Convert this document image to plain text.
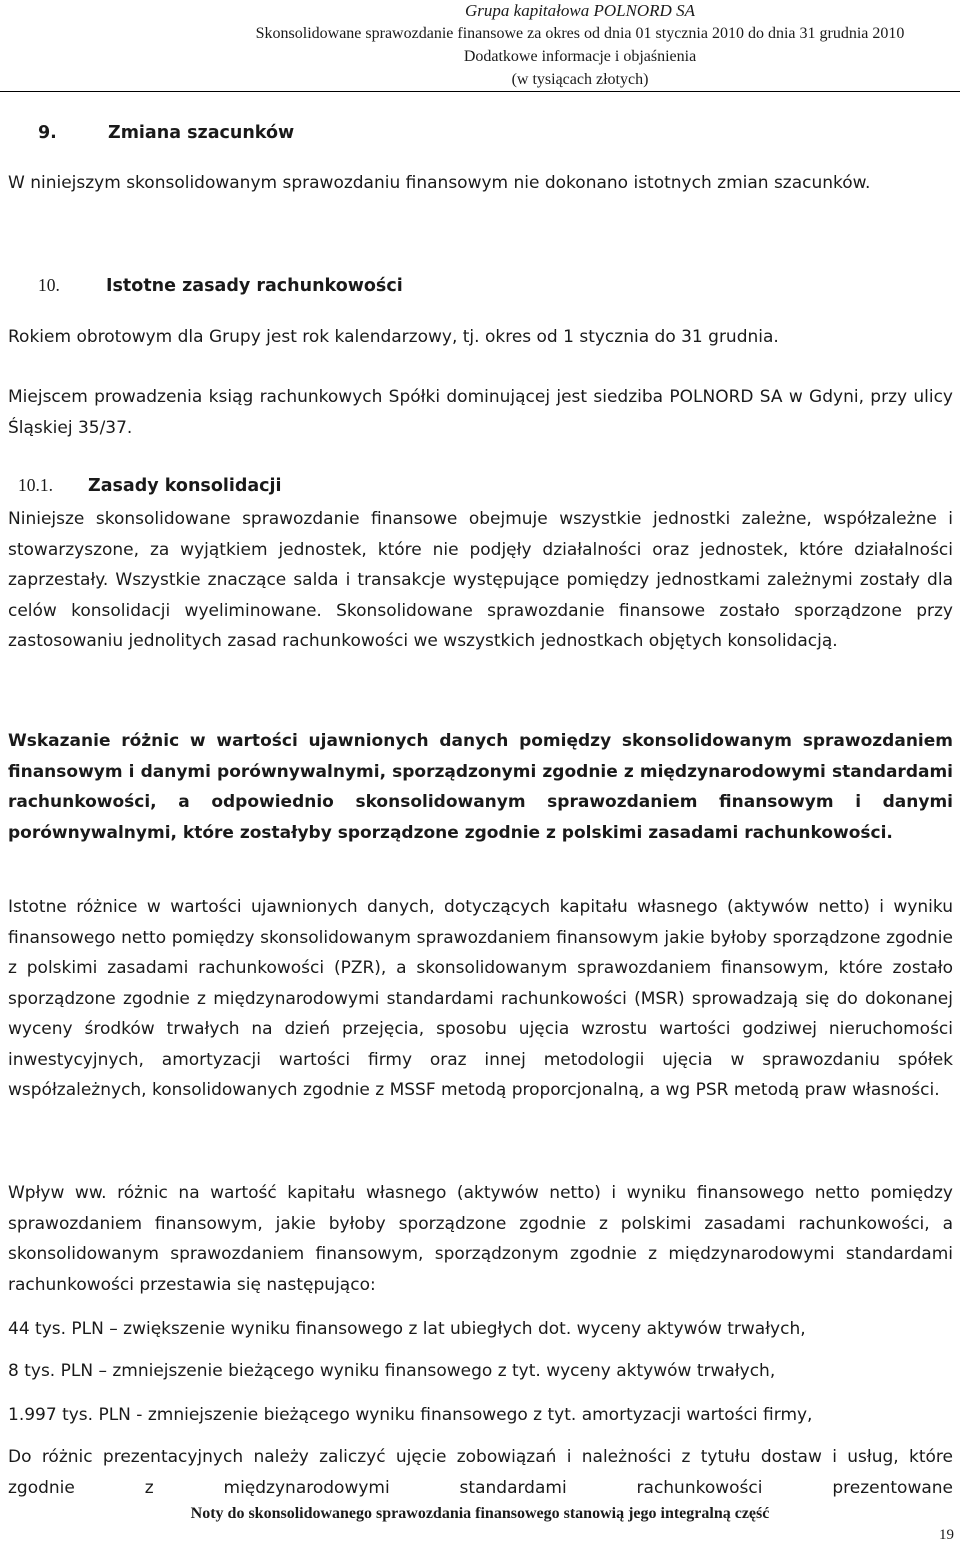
Grupa kapitałowa POLNORD SA
Skonsolidowane sprawozdanie finansowe za okres od dnia 01 stycznia 2010 do dnia 31 grudnia 2010
Dodatkowe informacje i objaśnienia
(w tysiącach złotych)
9.	Zmiana szacunków

W niniejszym skonsolidowanym sprawozdaniu finansowym nie dokonano istotnych zmian szacunków.

10.	Istotne zasady rachunkowości

Rokiem obrotowym dla Grupy jest rok kalendarzowy, tj. okres od 1 stycznia do 31 grudnia.

Miejscem prowadzenia ksiąg rachunkowych Spółki dominującej jest siedziba POLNORD SA w Gdyni, przy ulicy Śląskiej 35/37.

10.1. Zasady konsolidacji

Niniejsze skonsolidowane sprawozdanie finansowe obejmuje wszystkie jednostki zależne, współzależne i stowarzyszone, za wyjątkiem jednostek, które nie podjęły działalności oraz jednostek, które działalności zaprzestały. Wszystkie znaczące salda i transakcje występujące pomiędzy jednostkami zależnymi zostały dla celów konsolidacji wyeliminowane. Skonsolidowane sprawozdanie finansowe zostało sporządzone przy zastosowaniu jednolitych zasad rachunkowości we wszystkich jednostkach objętych konsolidacją.

Wskazanie różnic w wartości ujawnionych danych pomiędzy skonsolidowanym sprawozdaniem finansowym i danymi porównywalnymi, sporządzonymi zgodnie z międzynarodowymi standardami rachunkowości, a odpowiednio skonsolidowanym sprawozdaniem finansowym i danymi porównywalnymi, które zostałyby sporządzone zgodnie z polskimi zasadami rachunkowości.

Istotne różnice w wartości ujawnionych danych, dotyczących kapitału własnego (aktywów netto) i wyniku finansowego netto pomiędzy skonsolidowanym sprawozdaniem finansowym jakie byłoby sporządzone zgodnie z polskimi zasadami rachunkowości (PZR), a skonsolidowanym sprawozdaniem finansowym, które zostało sporządzone zgodnie z międzynarodowymi standardami rachunkowości (MSR) sprowadzają się do dokonanej wyceny środków trwałych na dzień przejęcia, sposobu ujęcia wzrostu wartości godziwej nieruchomości inwestycyjnych, amortyzacji wartości firmy oraz innej metodologii ujęcia w sprawozdaniu spółek współzależnych, konsolidowanych zgodnie z MSSF metodą proporcjonalną, a wg PSR metodą praw własności.

Wpływ ww. różnic na wartość kapitału własnego (aktywów netto) i wyniku finansowego netto pomiędzy sprawozdaniem finansowym, jakie byłoby sporządzone zgodnie z polskimi zasadami rachunkowości, a skonsolidowanym sprawozdaniem finansowym, sporządzonym zgodnie z międzynarodowymi standardami rachunkowości przestawia się następująco:

44 tys. PLN – zwiększenie wyniku finansowego z lat ubiegłych dot. wyceny aktywów trwałych,

8 tys. PLN – zmniejszenie bieżącego wyniku finansowego z tyt. wyceny aktywów trwałych,

1.997 tys. PLN - zmniejszenie bieżącego wyniku finansowego z tyt. amortyzacji wartości firmy,

Do różnic prezentacyjnych należy zaliczyć ujęcie zobowiązań i należności z tytułu dostaw i usług, które zgodnie z międzynarodowymi standardami rachunkowości prezentowane

Noty do skonsolidowanego sprawozdania finansowego stanowią jego integralną część
19
